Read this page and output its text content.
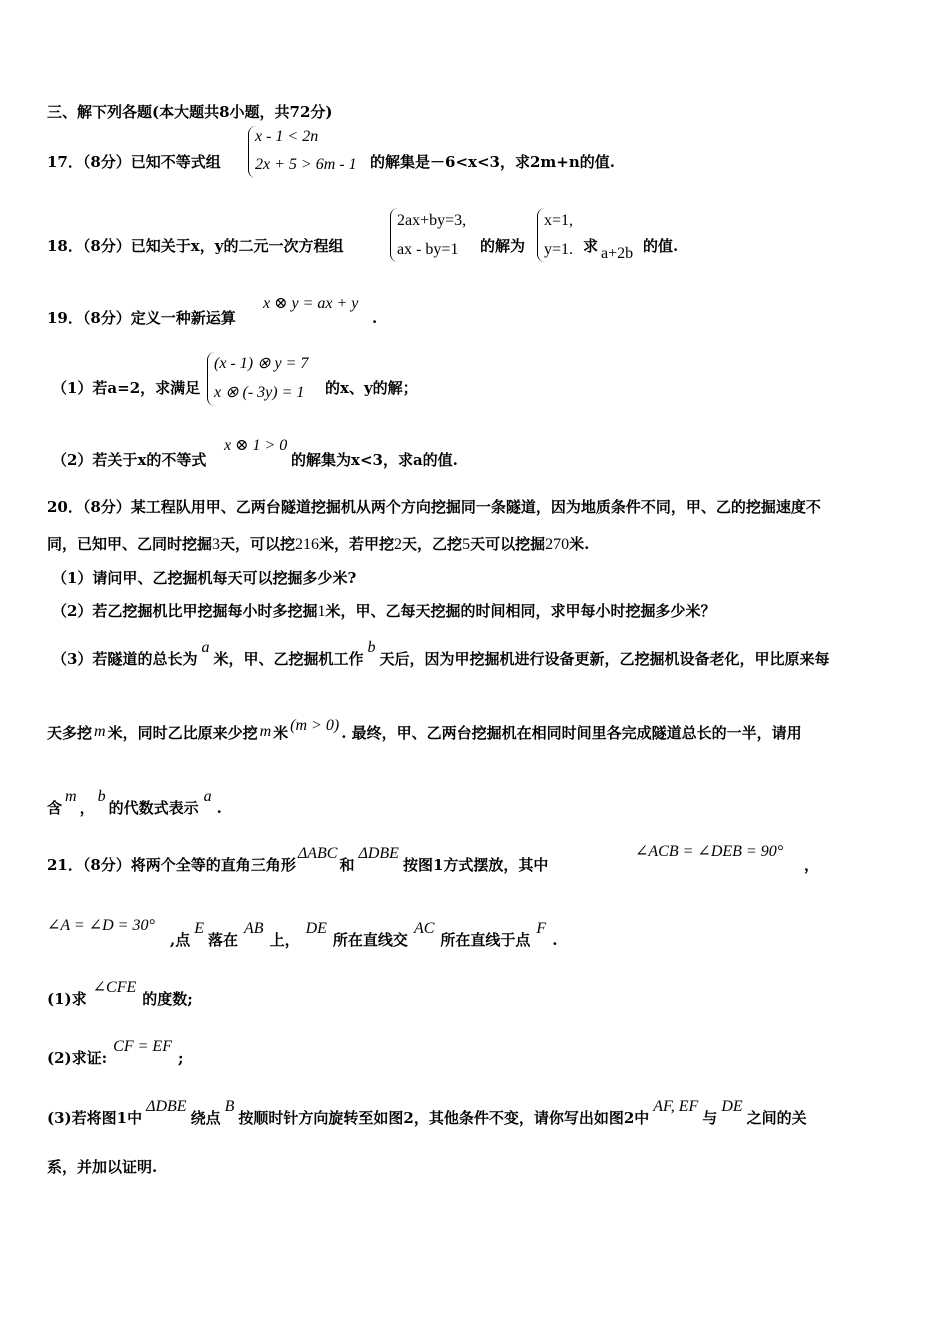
三、解下列各题(本大题共8小题，共72分)
17．（8分）已知不等式组
x - 1 < 2n
2x + 5 > 6m - 1 的解集是－6<x<3，求2m+n的值.
18．（8分）已知关于x，y的二元一次方程组
2ax+by=3,
ax - by=1 的解为
x=1,
y=1. 求 a+2b 的值.
19．（8分）定义一种新运算
x ⊗ y = ax + y
.
（1）若a=2，求满足
(x - 1) ⊗ y = 7
x ⊗ (- 3y) = 1 的x、y的解；
（2）若关于x的不等式
x ⊗ 1 > 0
的解集为x<3，求a的值.
20．（8分）某工程队用甲、乙两台隧道挖掘机从两个方向挖掘同一条隧道，因为地质条件不同，甲、乙的挖掘速度不
同，已知甲、乙同时挖掘3天，可以挖216米，若甲挖2天，乙挖5天可以挖掘270米.
（1）请问甲、乙挖掘机每天可以挖掘多少米?
（2）若乙挖掘机比甲挖掘每小时多挖掘1米，甲、乙每天挖掘的时间相同，求甲每小时挖掘多少米？
（3）若隧道的总长为a米，甲、乙挖掘机工作b天后，因为甲挖掘机进行设备更新，乙挖掘机设备老化，甲比原来每
天多挖 m 米，同时乙比原来少挖 m 米 (m > 0) . 最终，甲、乙两台挖掘机在相同时间里各完成隧道总长的一半，请用
含m，b的代数式表示a.
21．（8分）将两个全等的直角三角形ΔABC和ΔDBE按图1方式摆放，其中
∠ACB = ∠DEB = 90°
，
∠A = ∠D = 30°
,点E落在AB上，DE所在直线交AC所在直线于点F.
(1)求∠CFE的度数;
(2)求证:CF = EF;
(3)若将图1中ΔDBE绕点B按顺时针方向旋转至如图2，其他条件不变，请你写出如图2中AF, EF与DE之间的关
系，并加以证明.
